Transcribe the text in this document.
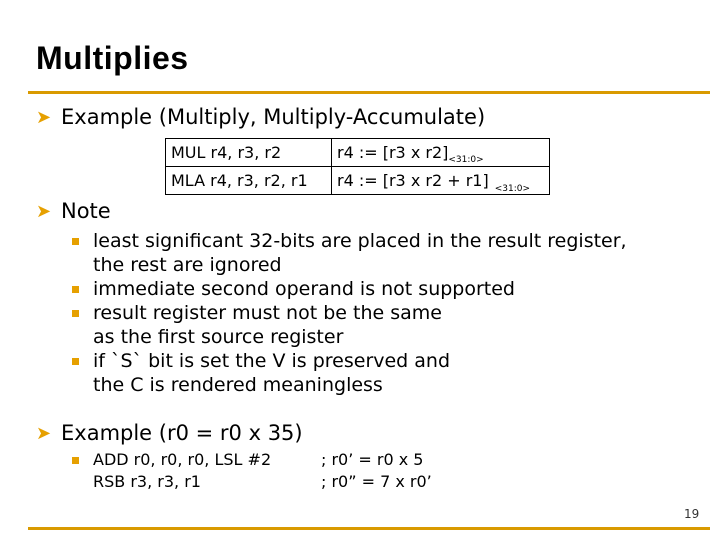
Multiplies
➤ Example (Multiply, Multiply-Accumulate)
MUL r4, r3, r2	r4 := [r3 x $r2]_{<31:0>}$
MLA r4, r3, r2, r1	r4 := [r3 x r2 + r1] $_{<31:0>}$
➤ Note
least significant 32-bits are placed in the result register,
the rest are ignored
immediate second operand is not supported
result register must not be the same
as the first source register
if `S` bit is set the V is preserved and
the C is rendered meaningless
➤ Example (r0 = r0 x 35)
ADD r0, r0, r0, LSL #2	; r0’ = r0 x 5
RSB r3, r3, r1	; r0” = 7 x r0’
19
